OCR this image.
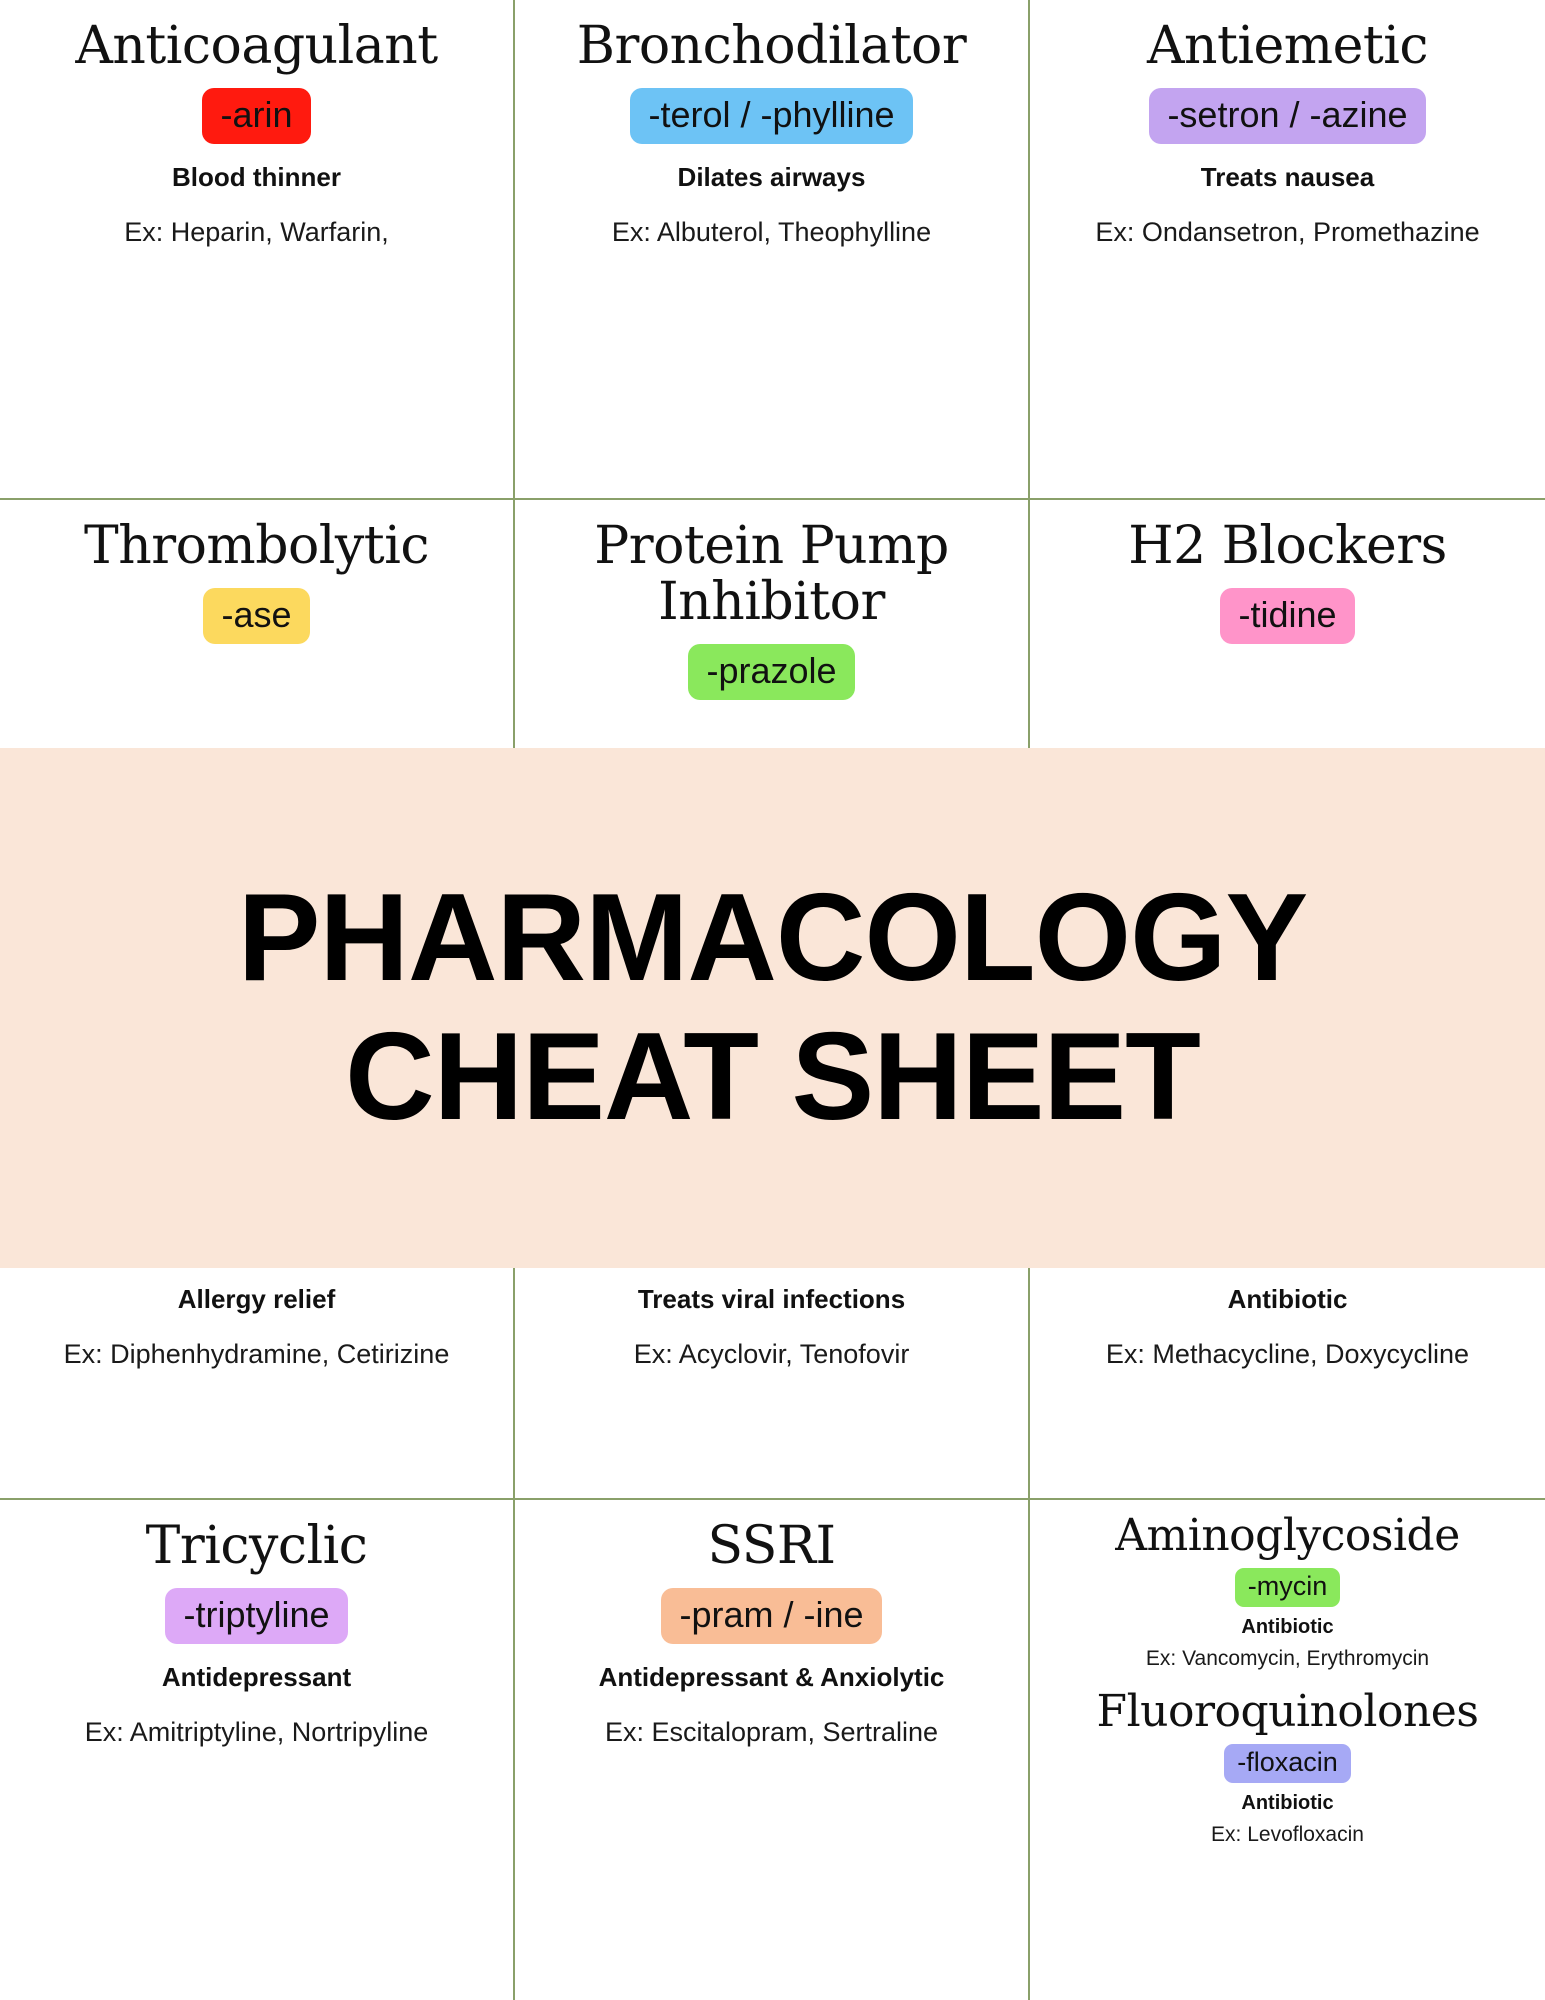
Anticoagulant
-arin
Blood thinner
Ex: Heparin, Warfarin,
Bronchodilator
-terol / -phylline
Dilates airways
Ex: Albuterol, Theophylline
Antiemetic
-setron / -azine
Treats nausea
Ex: Ondansetron, Promethazine
Thrombolytic
-ase
Protein Pump Inhibitor
-prazole
H2 Blockers
-tidine
Allergy relief
Ex: Diphenhydramine, Cetirizine
Treats viral infections
Ex: Acyclovir, Tenofovir
Antibiotic
Ex: Methacycline, Doxycycline
Tricyclic
-triptyline
Antidepressant
Ex: Amitriptyline, Nortripyline
SSRI
-pram / -ine
Antidepressant & Anxiolytic
Ex: Escitalopram, Sertraline
Aminoglycoside
-mycin
Antibiotic
Ex: Vancomycin, Erythromycin
Fluoroquinolones
-floxacin
Antibiotic
Ex: Levofloxacin
PHARMACOLOGY
CHEAT SHEET
